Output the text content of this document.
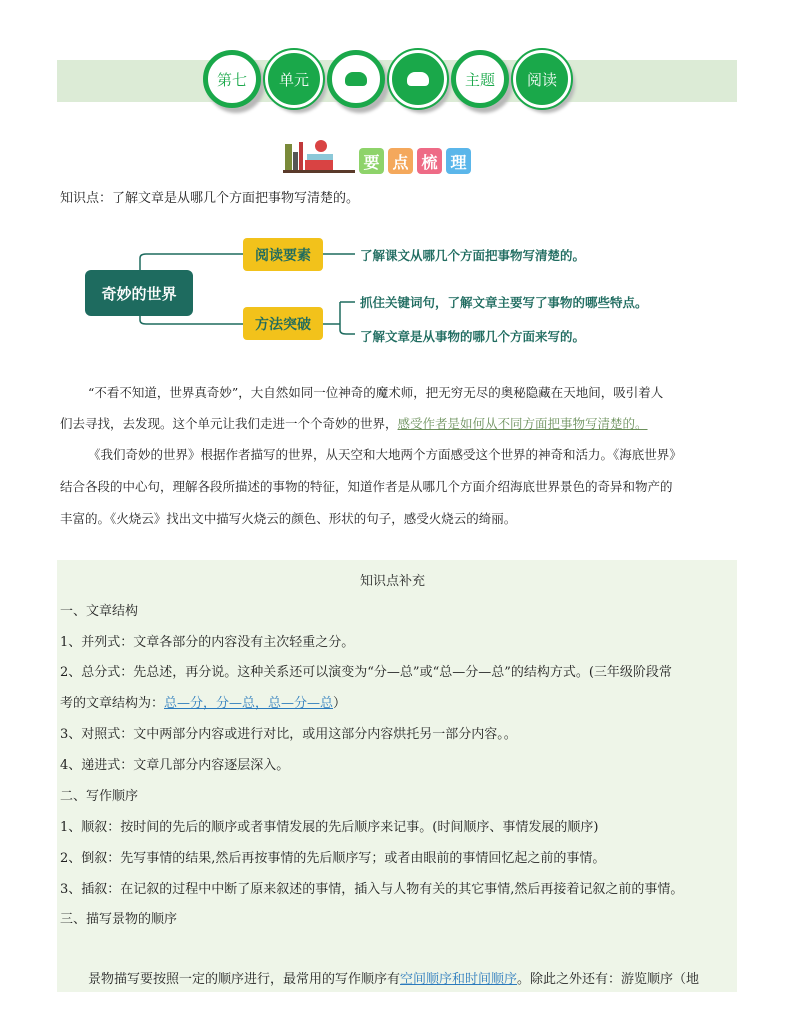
第七	单元	主题	阅读
要 点 梳 理
知识点：了解文章是从哪几个方面把事物写清楚的。
奇妙的世界
阅读要素
方法突破
了解课文从哪几个方面把事物写清楚的。
抓住关键词句，了解文章主要写了事物的哪些特点。
了解文章是从事物的哪几个方面来写的。
“不看不知道，世界真奇妙”，大自然如同一位神奇的魔术师，把无穷无尽的奥秘隐藏在天地间，吸引着人
们去寻找，去发现。这个单元让我们走进一个个奇妙的世界，感受作者是如何从不同方面把事物写清楚的。
《我们奇妙的世界》根据作者描写的世界，从天空和大地两个方面感受这个世界的神奇和活力。《海底世界》
结合各段的中心句，理解各段所描述的事物的特征，知道作者是从哪几个方面介绍海底世界景色的奇异和物产的
丰富的。《火烧云》找出文中描写火烧云的颜色、形状的句子，感受火烧云的绮丽。
知识点补充
一、文章结构
1、并列式：文章各部分的内容没有主次轻重之分。
2、总分式：先总述，再分说。这种关系还可以演变为“分—总”或“总—分—总”的结构方式。(三年级阶段常
考的文章结构为：总—分，分—总，总—分—总）
3、对照式：文中两部分内容或进行对比，或用这部分内容烘托另一部分内容。。
4、递进式：文章几部分内容逐层深入。
二、写作顺序
1、顺叙：按时间的先后的顺序或者事情发展的先后顺序来记事。(时间顺序、事情发展的顺序)
2、倒叙：先写事情的结果,然后再按事情的先后顺序写；或者由眼前的事情回忆起之前的事情。
3、插叙：在记叙的过程中中断了原来叙述的事情，插入与人物有关的其它事情,然后再接着记叙之前的事情。
三、描写景物的顺序
景物描写要按照一定的顺序进行，最常用的写作顺序有空间顺序和时间顺序。除此之外还有：游览顺序（地
